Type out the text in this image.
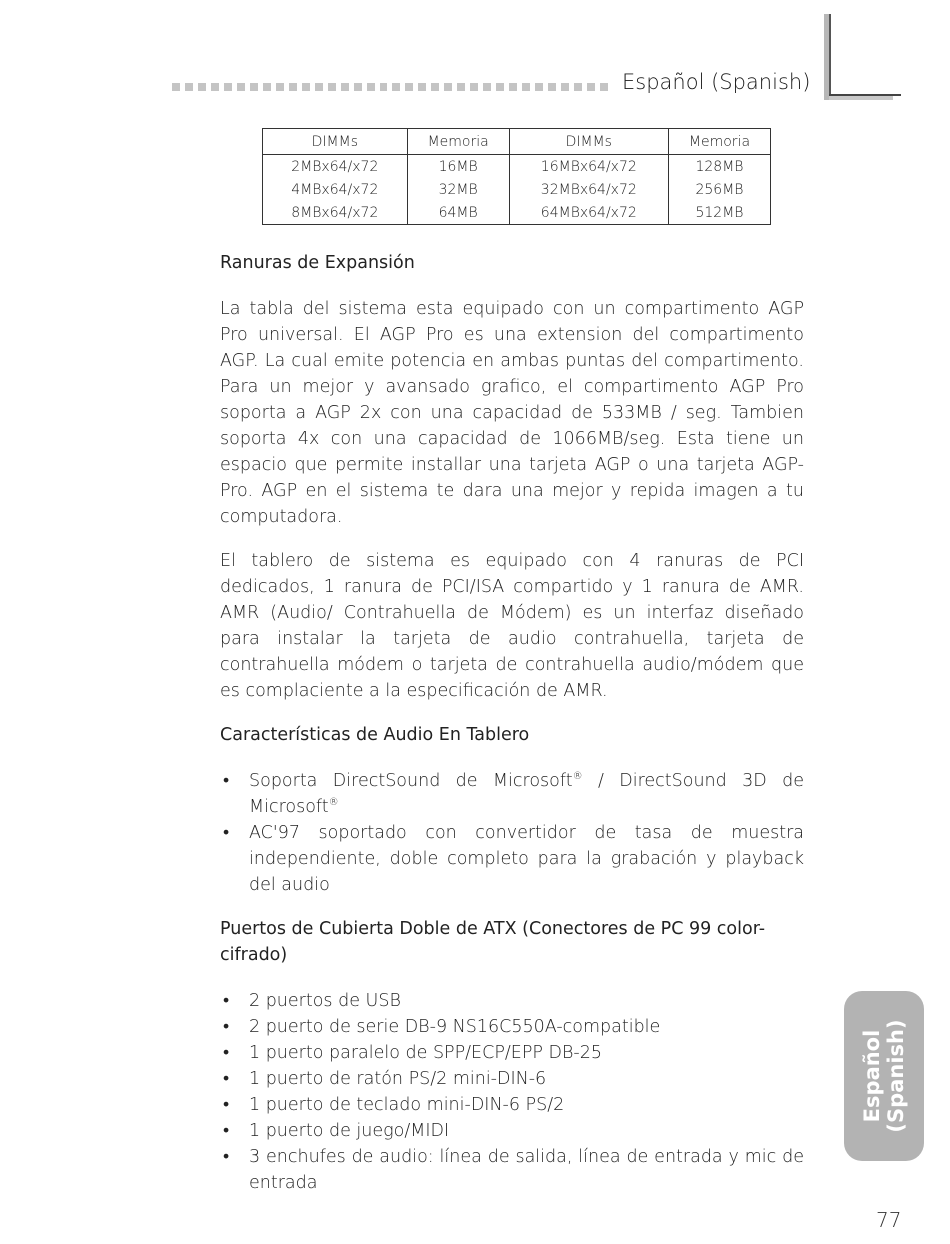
Español (Spanish)
DIMMs	Memoria	DIMMs	Memoria
2MBx64/x72	16MB	16MBx64/x72	128MB
4MBx64/x72	32MB	32MBx64/x72	256MB
8MBx64/x72	64MB	64MBx64/x72	512MB
Ranuras de Expansión

La tabla del sistema esta equipado con un compartimento AGP Pro universal. El AGP Pro es una extension del compartimento AGP. La cual emite potencia en ambas puntas del compartimento. Para un mejor y avansado grafico, el compartimento AGP Pro soporta a AGP 2x con una capacidad de 533MB / seg. Tambien soporta 4x con una capacidad de 1066MB/seg. Esta tiene un espacio que permite installar una tarjeta AGP o una tarjeta AGP-Pro. AGP en el sistema te dara una mejor y repida imagen a tu computadora.

El tablero de sistema es equipado con 4 ranuras de PCI dedicados, 1 ranura de PCI/ISA compartido y 1 ranura de AMR. AMR (Audio/ Contrahuella de Módem) es un interfaz diseñado para instalar la tarjeta de audio contrahuella, tarjeta de contrahuella módem o tarjeta de contrahuella audio/módem que es complaciente a la especificación de AMR.

Características de Audio En Tablero
• Soporta DirectSound de Microsoft® / DirectSound 3D de Microsoft®
• AC'97 soportado con convertidor de tasa de muestra independiente, doble completo para la grabación y playback del audio
Puertos de Cubierta Doble de ATX (Conectores de PC 99 color-cifrado)
• 2 puertos de USB
• 2 puerto de serie DB-9 NS16C550A-compatible
• 1 puerto paralelo de SPP/ECP/EPP DB-25
• 1 puerto de ratón PS/2 mini-DIN-6
• 1 puerto de teclado mini-DIN-6 PS/2
• 1 puerto de juego/MIDI
• 3 enchufes de audio: línea de salida, línea de entrada y mic de entrada
Español (Spanish)
77
